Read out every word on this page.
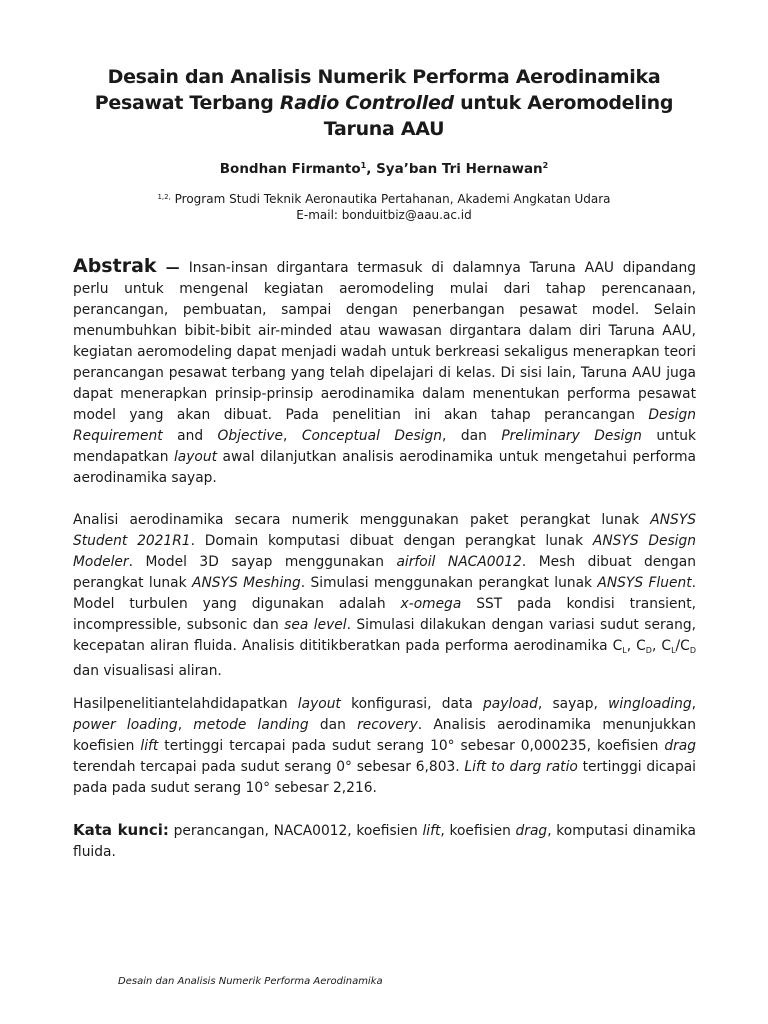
Desain dan Analisis Numerik Performa Aerodinamika
Pesawat Terbang Radio Controlled untuk Aeromodeling
Taruna AAU
Bondhan Firmanto$^1$, Sya’ban Tri Hernawan$^2$
$^{1,2,}$ Program Studi Teknik Aeronautika Pertahanan, Akademi Angkatan Udara
E-mail: bonduitbiz@aau.ac.id
Abstrak — Insan-insan dirgantara termasuk di dalamnya Taruna AAU dipandang perlu untuk mengenal kegiatan aeromodeling mulai dari tahap perencanaan, perancangan, pembuatan, sampai dengan penerbangan pesawat model. Selain menumbuhkan bibit-bibit air-minded atau wawasan dirgantara dalam diri Taruna AAU, kegiatan aeromodeling dapat menjadi wadah untuk berkreasi sekaligus menerapkan teori perancangan pesawat terbang yang telah dipelajari di kelas. Di sisi lain, Taruna AAU juga dapat menerapkan prinsip-prinsip aerodinamika dalam menentukan performa pesawat model yang akan dibuat. Pada penelitian ini akan tahap perancangan Design Requirement and Objective, Conceptual Design, dan Preliminary Design untuk mendapatkan layout awal dilanjutkan analisis aerodinamika untuk mengetahui performa aerodinamika sayap.
Analisi aerodinamika secara numerik menggunakan paket perangkat lunak ANSYS Student 2021R1. Domain komputasi dibuat dengan perangkat lunak ANSYS Design Modeler. Model 3D sayap menggunakan airfoil NACA0012. Mesh dibuat dengan perangkat lunak ANSYS Meshing. Simulasi menggunakan perangkat lunak ANSYS Fluent. Model turbulen yang digunakan adalah x-omega SST pada kondisi transient, incompressible, subsonic dan sea level. Simulasi dilakukan dengan variasi sudut serang, kecepatan aliran fluida. Analisis dititikberatkan pada performa aerodinamika $C_L$, $C_D$, $C_L/C_D$ dan visualisasi aliran.
Hasilpenelitiantelahdidapatkan layout konfigurasi, data payload, sayap, wingloading, power loading, metode landing dan recovery. Analisis aerodinamika menunjukkan koefisien lift tertinggi tercapai pada sudut serang 10° sebesar 0,000235, koefisien drag terendah tercapai pada sudut serang 0° sebesar 6,803. Lift to darg ratio tertinggi dicapai pada pada sudut serang 10° sebesar 2,216.
Kata kunci: perancangan, NACA0012, koefisien lift, koefisien drag, komputasi dinamika fluida.
Desain dan Analisis Numerik Performa Aerodinamika
